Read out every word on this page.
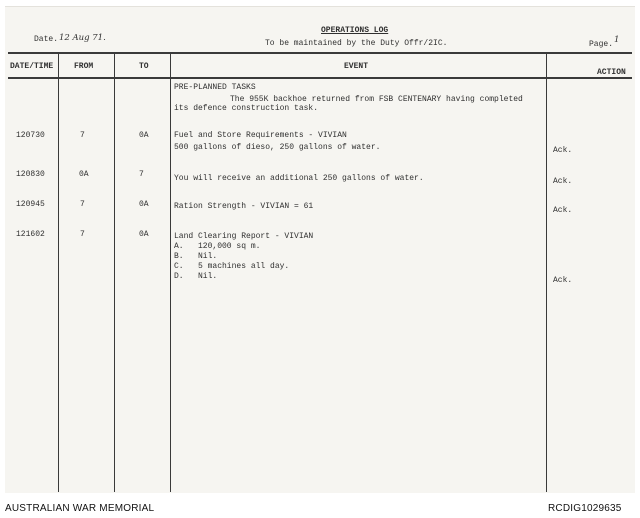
Date. 12 Aug 71.
OPERATIONS LOG
To be maintained by the Duty Offr/2IC.	Page. 1
DATE/TIME	FROM	TO	EVENT
ACTION
PRE-PLANNED TASKS
The 955K backhoe returned from FSB CENTENARY having completed
its defence construction task.
120730	7	0A	Fuel and Store Requirements - VIVIAN
500 gallons of dieso, 250 gallons of water.	Ack.
120830	0A	7	You will receive an additional 250 gallons of water.	Ack.
120945	7	0A	Ration Strength - VIVIAN = 61	Ack.
121602	7	0A	Land Clearing Report - VIVIAN
A.   120,000 sq m.
B.   Nil.
C.   5 machines all day.
D.   Nil.	Ack.
AUSTRALIAN WAR MEMORIAL	RCDIG1029635
